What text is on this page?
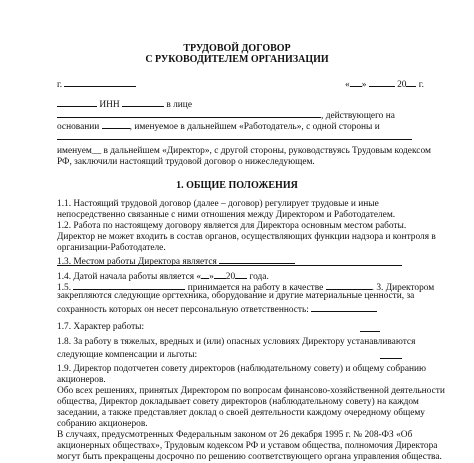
ТРУДОВОЙ ДОГОВОР
С РУКОВОДИТЕЛЕМ ОРГАНИЗАЦИИ
г.	« »	20 г.
ИНН	в лице
, действующего на
основании	, именуемое в дальнейшем «Работодатель», с одной стороны и
именуем__ в дальнейшем «Директор», с другой стороны, руководствуясь Трудовым кодексом
РФ, заключили настоящий трудовой договор о нижеследующем.
1. ОБЩИЕ ПОЛОЖЕНИЯ
1.1. Настоящий трудовой договор (далее – договор) регулирует трудовые и иные
непосредственно связанные с ними отношения между Директором и Работодателем.
1.2. Работа по настоящему договору является для Директора основным местом работы.
Директор не может входить в состав органов, осуществляющих функции надзора и контроля в
организации-Работодателе.
1.3. Местом работы Директора является
1.4. Датой начала работы является « » 20 года.
1.5.	принимается на работу в качестве	. 3. Директором
закрепляются следующие оргтехника, оборудование и другие материальные ценности, за
сохранность которых он несет персональную ответственность:
1.7. Характер работы:
1.8. За работу в тяжелых, вредных и (или) опасных условиях Директору устанавливаются
следующие компенсации и льготы:
1.9. Директор подотчетен совету директоров (наблюдательному совету) и общему собранию
акционеров.
Обо всех решениях, принятых Директором по вопросам финансово-хозяйственной деятельности
общества, Директор докладывает совету директоров (наблюдательному совету) на каждом
заседании, а также представляет доклад о своей деятельности каждому очередному общему
собранию акционеров.
В случаях, предусмотренных Федеральным законом от 26 декабря 1995 г. № 208-ФЗ «Об
акционерных обществах», Трудовым кодексом РФ и уставом общества, полномочия Директора
могут быть прекращены досрочно по решению соответствующего органа управления общества.
